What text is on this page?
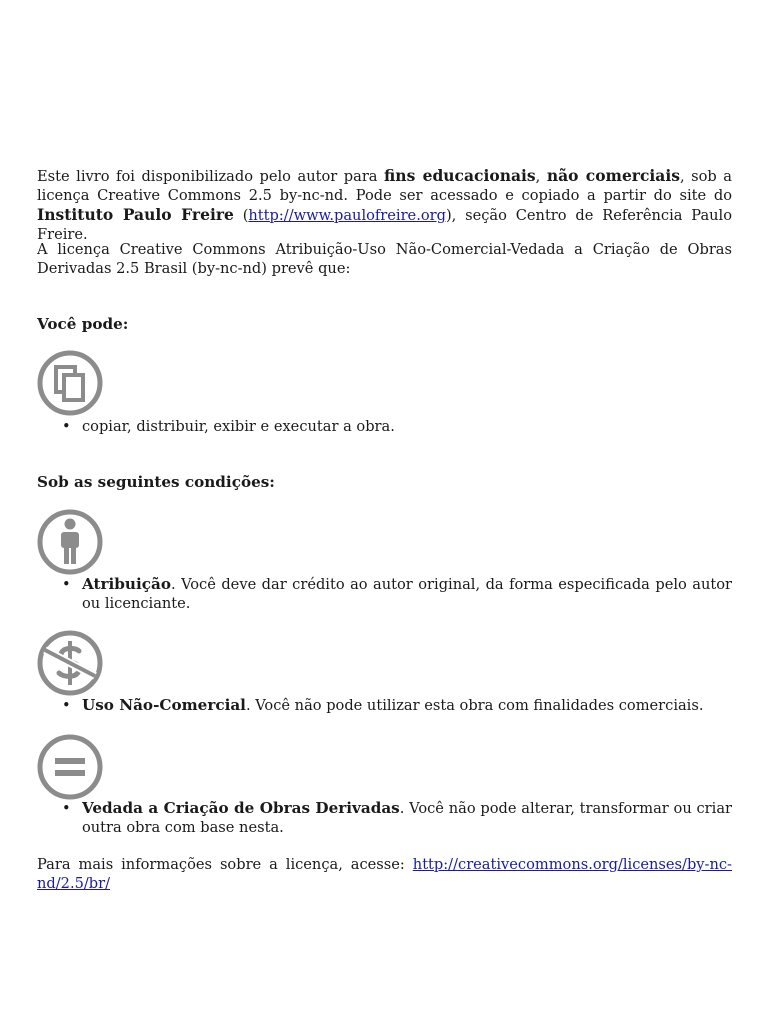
Este livro foi disponibilizado pelo autor para fins educacionais, não comerciais, sob a licença Creative Commons 2.5 by-nc-nd. Pode ser acessado e copiado a partir do site do Instituto Paulo Freire (http://www.paulofreire.org), seção Centro de Referência Paulo Freire.

A licença Creative Commons Atribuição-Uso Não-Comercial-Vedada a Criação de Obras Derivadas 2.5 Brasil (by-nc-nd) prevê que:

Você pode:

• copiar, distribuir, exibir e executar a obra.

Sob as seguintes condições:

• Atribuição. Você deve dar crédito ao autor original, da forma especificada pelo autor ou licenciante.
• Uso Não-Comercial. Você não pode utilizar esta obra com finalidades comerciais.
• Vedada a Criação de Obras Derivadas. Você não pode alterar, transformar ou criar outra obra com base nesta.

Para mais informações sobre a licença, acesse: http://creativecommons.org/licenses/by-nc-nd/2.5/br/
